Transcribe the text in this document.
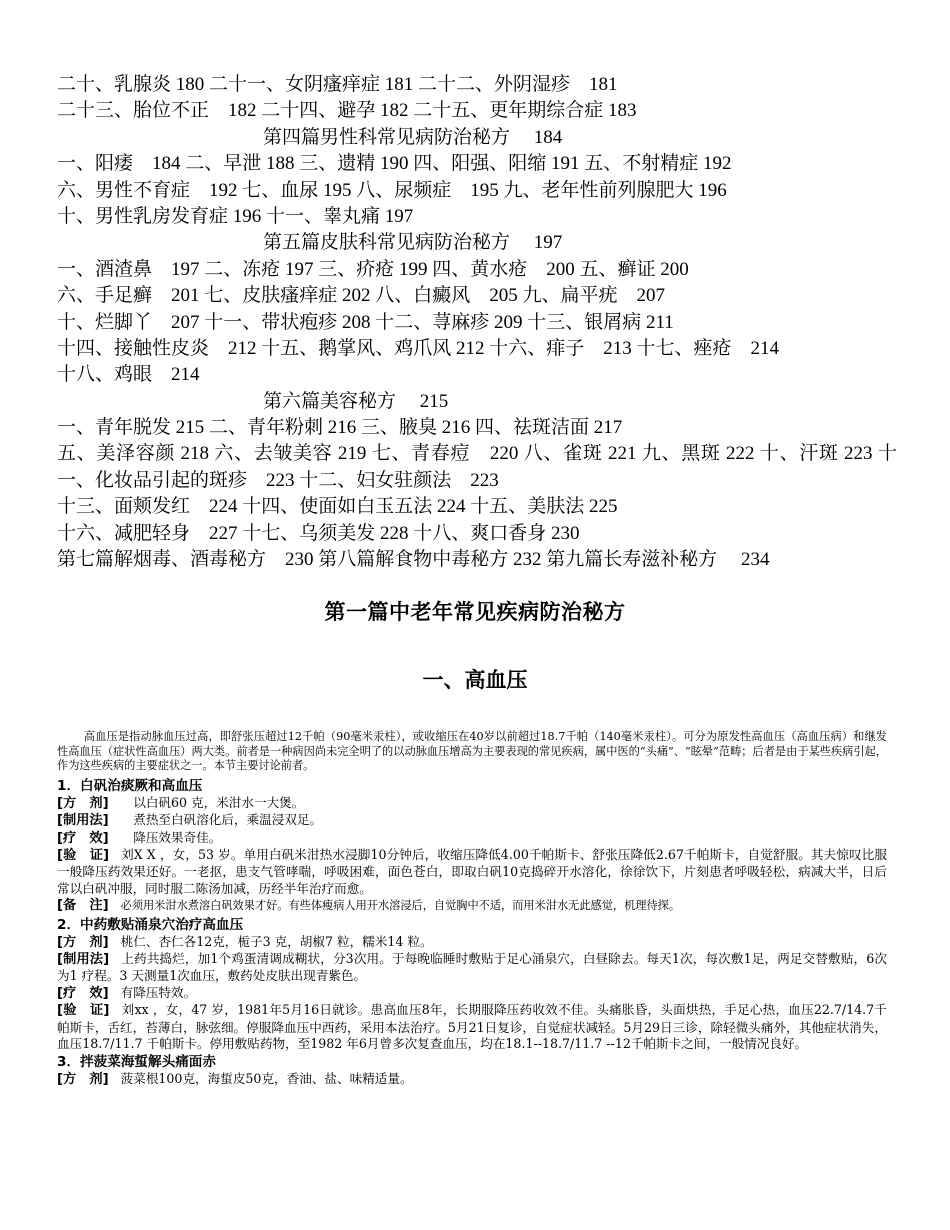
二十、乳腺炎 180 二十一、女阴瘙痒症 181 二十二、外阴湿疹　181
二十三、胎位不正　182 二十四、避孕 182 二十五、更年期综合症 183
第四篇男性科常见病防治秘方　 184
一、阳痿　184 二、早泄 188 三、遗精 190 四、阳强、阳缩 191 五、不射精症 192
六、男性不育症　192 七、血尿 195 八、尿频症　195 九、老年性前列腺肥大 196
十、男性乳房发育症 196 十一、睾丸痛 197
第五篇皮肤科常见病防治秘方　 197
一、酒渣鼻　197 二、冻疮 197 三、疥疮 199 四、黄水疮　200 五、癣证 200
六、手足癣　201 七、皮肤瘙痒症 202 八、白癜风　205 九、扁平疣　207
十、烂脚丫　207 十一、带状疱疹 208 十二、荨麻疹 209 十三、银屑病 211
十四、接触性皮炎　212 十五、鹅掌风、鸡爪风 212 十六、痱子　213 十七、痤疮　214
十八、鸡眼　214
第六篇美容秘方　 215
一、青年脱发 215 二、青年粉刺 216 三、腋臭 216 四、祛斑洁面 217
五、美泽容颜 218 六、去皱美容 219 七、青春痘　220 八、雀斑 221 九、黑斑 222 十、汗斑 223 十一、化妆品引起的斑疹　223 十二、妇女驻颜法　223
十三、面颊发红　224 十四、使面如白玉五法 224 十五、美肤法 225
十六、减肥轻身　227 十七、乌须美发 228 十八、爽口香身 230
第七篇解烟毒、酒毒秘方　230 第八篇解食物中毒秘方 232 第九篇长寿滋补秘方　 234
第一篇中老年常见疾病防治秘方
一、高血压

高血压是指动脉血压过高，即舒张压超过12千帕（90毫米汞柱），或收缩压在40岁以前超过18.7千帕（140毫米汞柱）。可分为原发性高血压（高血压病）和继发性高血压（症状性高血压）两大类。前者是一种病因尚未完全明了的以动脉血压增高为主要表现的常见疾病，属中医的“头痛”、“眩晕”范畴；后者是由于某些疾病引起，作为这些疾病的主要症状之一。本节主要讨论前者。

1．白矾治痰厥和高血压

[方　剂]　以白矾60 克，米泔水一大煲。

[制用法]　煮热至白矾溶化后，乘温浸双足。

[疗　效]　降压效果奇佳。

[验　证] 刘X X ，女，53 岁。单用白矾米泔热水浸脚10分钟后，收缩压降低4.00千帕斯卡、舒张压降低2.67千帕斯卡，自觉舒服。其夫惊叹比服一般降压药效果还好。一老抠，患支气管哮喘，呼吸困难，面色苍白，即取白矾10克捣碎开水溶化，徐徐饮下，片刻患者呼吸轻松，病减大半，日后常以白矾冲服，同时服二陈汤加减，历经半年治疗而愈。

[备　注] 必须用米泔水煮溶白矾效果才好。有些体瘦病人用开水溶浸后，自觉胸中不适，而用米泔水无此感觉，机理待探。

2．中药敷贴涌泉穴治疗高血压

[方　剂] 桃仁、杏仁各12克，栀子3 克，胡椒7 粒，糯米14 粒。

[制用法] 上药共捣烂，加1个鸡蛋清调成糊状，分3次用。于每晚临睡时敷贴于足心涌泉穴，白昼除去。每天1次，每次敷1足，两足交替敷贴，6次为1 疗程。3 天测量1次血压，敷药处皮肤出现青紫色。

[疗　效] 有降压特效。

[验　证] 刘xx ，女，47 岁，1981年5月16日就诊。患高血压8年，长期服降压药收效不佳。头痛胀昏，头面烘热，手足心热，血压22.7/14.7千帕斯卡，舌红，苔薄白，脉弦细。停服降血压中西药，采用本法治疗。5月21日复诊，自觉症状减轻。5月29日三诊，除轻微头痛外，其他症状消失，血压18.7/11.7 千帕斯卡。停用敷贴药物，至1982 年6月曾多次复查血压，均在18.1--18.7/11.7 --12千帕斯卡之间，一般情况良好。

3．拌菠菜海蜇解头痛面赤

[方　剂] 菠菜根100克，海蜇皮50克，香油、盐、味精适量。
